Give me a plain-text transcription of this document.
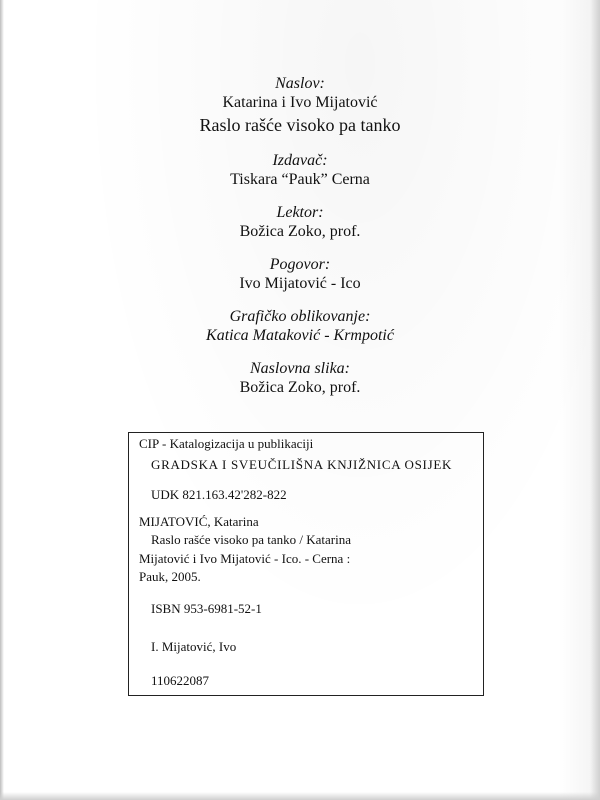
Naslov:
Katarina i Ivo Mijatović
Raslo rašće visoko pa tanko
Izdavač:
Tiskara “Pauk” Cerna
Lektor:
Božica Zoko, prof.
Pogovor:
Ivo Mijatović - Ico
Grafičko oblikovanje:
Katica Mataković - Krmpotić
Naslovna slika:
Božica Zoko, prof.
CIP - Katalogizacija u publikaciji
GRADSKA I SVEUČILIŠNA KNJIŽNICA OSIJEK
UDK 821.163.42'282-822
MIJATOVIĆ, Katarina
Raslo rašće visoko pa tanko / Katarina
Mijatović i Ivo Mijatović - Ico. - Cerna :
Pauk, 2005.
ISBN 953-6981-52-1
I. Mijatović, Ivo
110622087
